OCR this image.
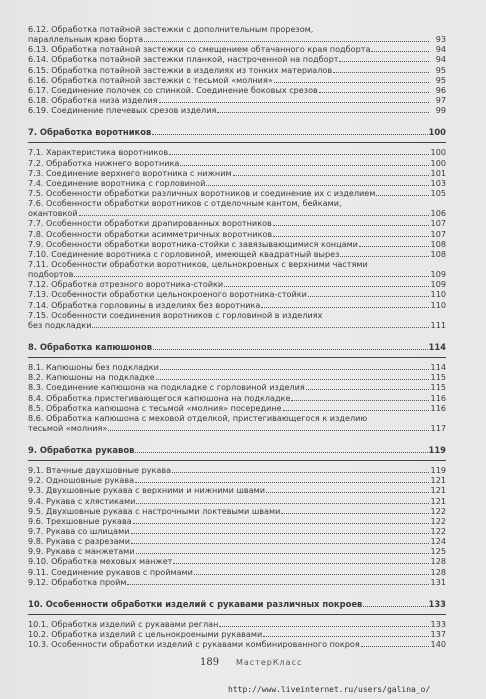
6.12. Обработка потайной застежки с дополнительным прорезом,
параллельным краю борта	93
6.13. Обработка потайной застежки со смещением обтачанного края подборта	94
6.14. Обработка потайной застежки планкой, настроченной на подборт	94
6.15. Обработка потайной застежки в изделиях из тонких материалов	95
6.16. Обработка потайной застежки с тесьмой «молния»	95
6.17. Соединение полочек со спинкой. Соединение боковых срезов	96
6.18. Обработка низа изделия	97
6.19. Соединение плечевых срезов изделия	99
7. Обработка воротников	100
7.1. Характеристика воротников	100
7.2. Обработка нижнего воротника	100
7.3. Соединение верхнего воротника с нижним	101
7.4. Соединение воротника с горловиной	103
7.5. Особенности обработки различных воротников и соединение их с изделием	105
7.6. Особенности обработки воротников с отделочным кантом, бейками,
окантовкой	106
7.7. Особенности обработки драпированных воротников	107
7.8. Особенности обработки асимметричных воротников	107
7.9. Особенности обработки воротника-стойки с завязывающимися концами	108
7.10. Соединение воротника с горловиной, имеющей квадратный вырез	108
7.11. Особенности обработки воротников, цельнокроеных с верхними частями
подбортов	109
7.12. Обработка отрезного воротника-стойки	109
7.13. Особенности обработки цельнокроеного воротника-стойки	110
7.14. Обработка горловины в изделиях без воротника	110
7.15. Особенности соединения воротников с горловиной в изделиях
без подкладки	111
8. Обработка капюшонов	114
8.1. Капюшоны без подкладки	114
8.2. Капюшоны на подкладке	115
8.3. Соединение капюшона на подкладке с горловиной изделия	115
8.4. Обработка пристегивающегося капюшона на подкладке	116
8.5. Обработка капюшона с тесьмой «молния» посередине	116
8.6. Обработка капюшона с меховой отделкой, пристегивающегося к изделию
тесьмой «молния»	117
9. Обработка рукавов	119
9.1. Втачные двухшовные рукава	119
9.2. Одношовные рукава	121
9.3. Двухшовные рукава с верхними и нижними швами	121
9.4. Рукава с хлястиками	121
9.5. Двухшовные рукава с настрочными локтевыми швами	122
9.6. Трехшовные рукава	122
9.7. Рукава со шлицами	122
9.8. Рукава с разрезами	124
9.9. Рукава с манжетами	125
9.10. Обработка меховых манжет	128
9.11. Соединение рукавов с проймами	128
9.12. Обработка пройм	131
10. Особенности обработки изделий с рукавами различных покроев	133
10.1. Обработка изделий с рукавами реглан	133
10.2. Обработка изделий с цельнокроеными рукавами	137
10.3. Особенности обработки изделий с рукавами комбинированного покроя	140
189 МастерКласс
http://www.liveinternet.ru/users/galina_o/
